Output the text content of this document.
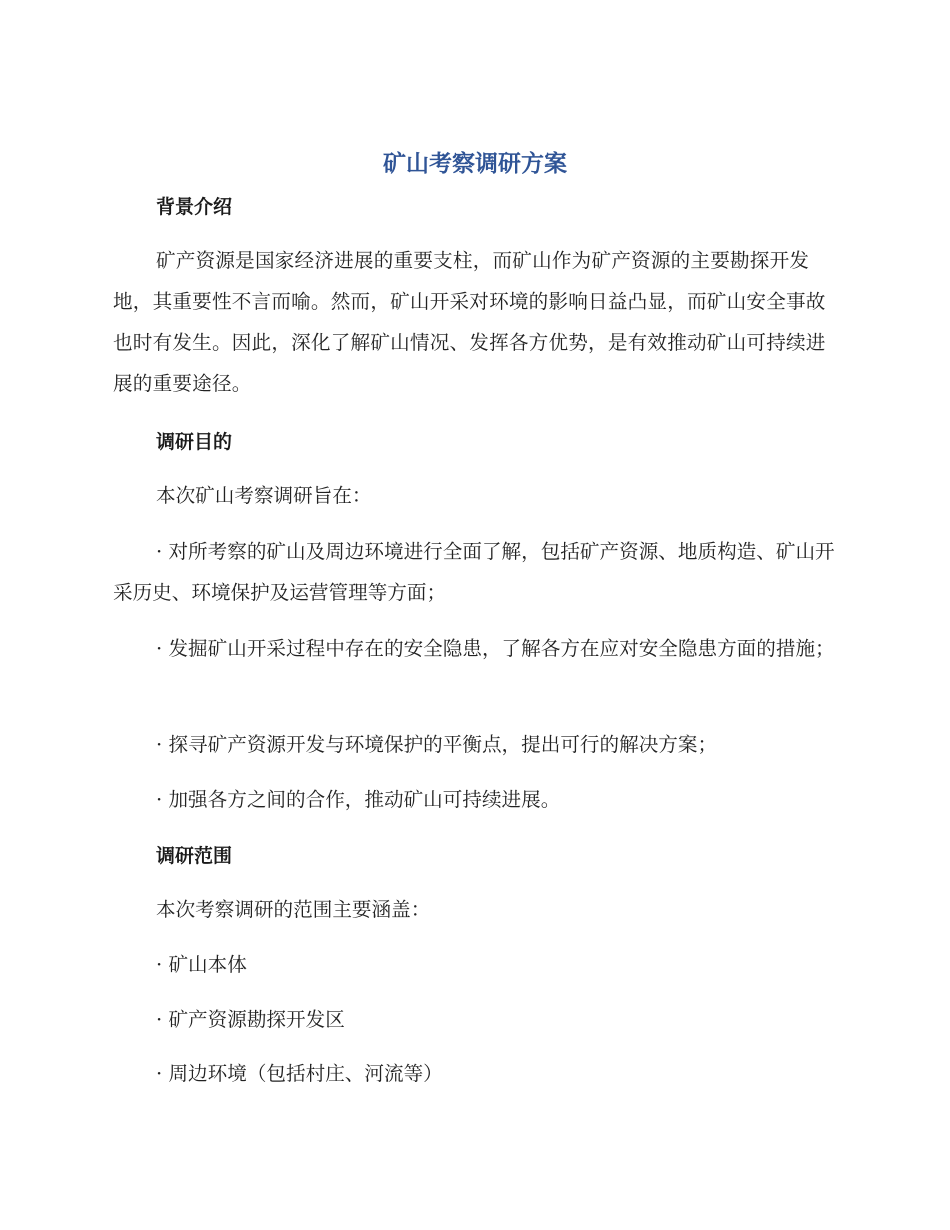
矿山考察调研方案
背景介绍

矿产资源是国家经济进展的重要支柱，而矿山作为矿产资源的主要勘探开发地，其重要性不言而喻。然而，矿山开采对环境的影响日益凸显，而矿山安全事故也时有发生。因此，深化了解矿山情况、发挥各方优势，是有效推动矿山可持续进展的重要途径。

调研目的

本次矿山考察调研旨在：

· 对所考察的矿山及周边环境进行全面了解，包括矿产资源、地质构造、矿山开采历史、环境保护及运营管理等方面；

· 发掘矿山开采过程中存在的安全隐患，了解各方在应对安全隐患方面的措施；

· 探寻矿产资源开发与环境保护的平衡点，提出可行的解决方案；

· 加强各方之间的合作，推动矿山可持续进展。

调研范围

本次考察调研的范围主要涵盖：

· 矿山本体

· 矿产资源勘探开发区

· 周边环境（包括村庄、河流等）
